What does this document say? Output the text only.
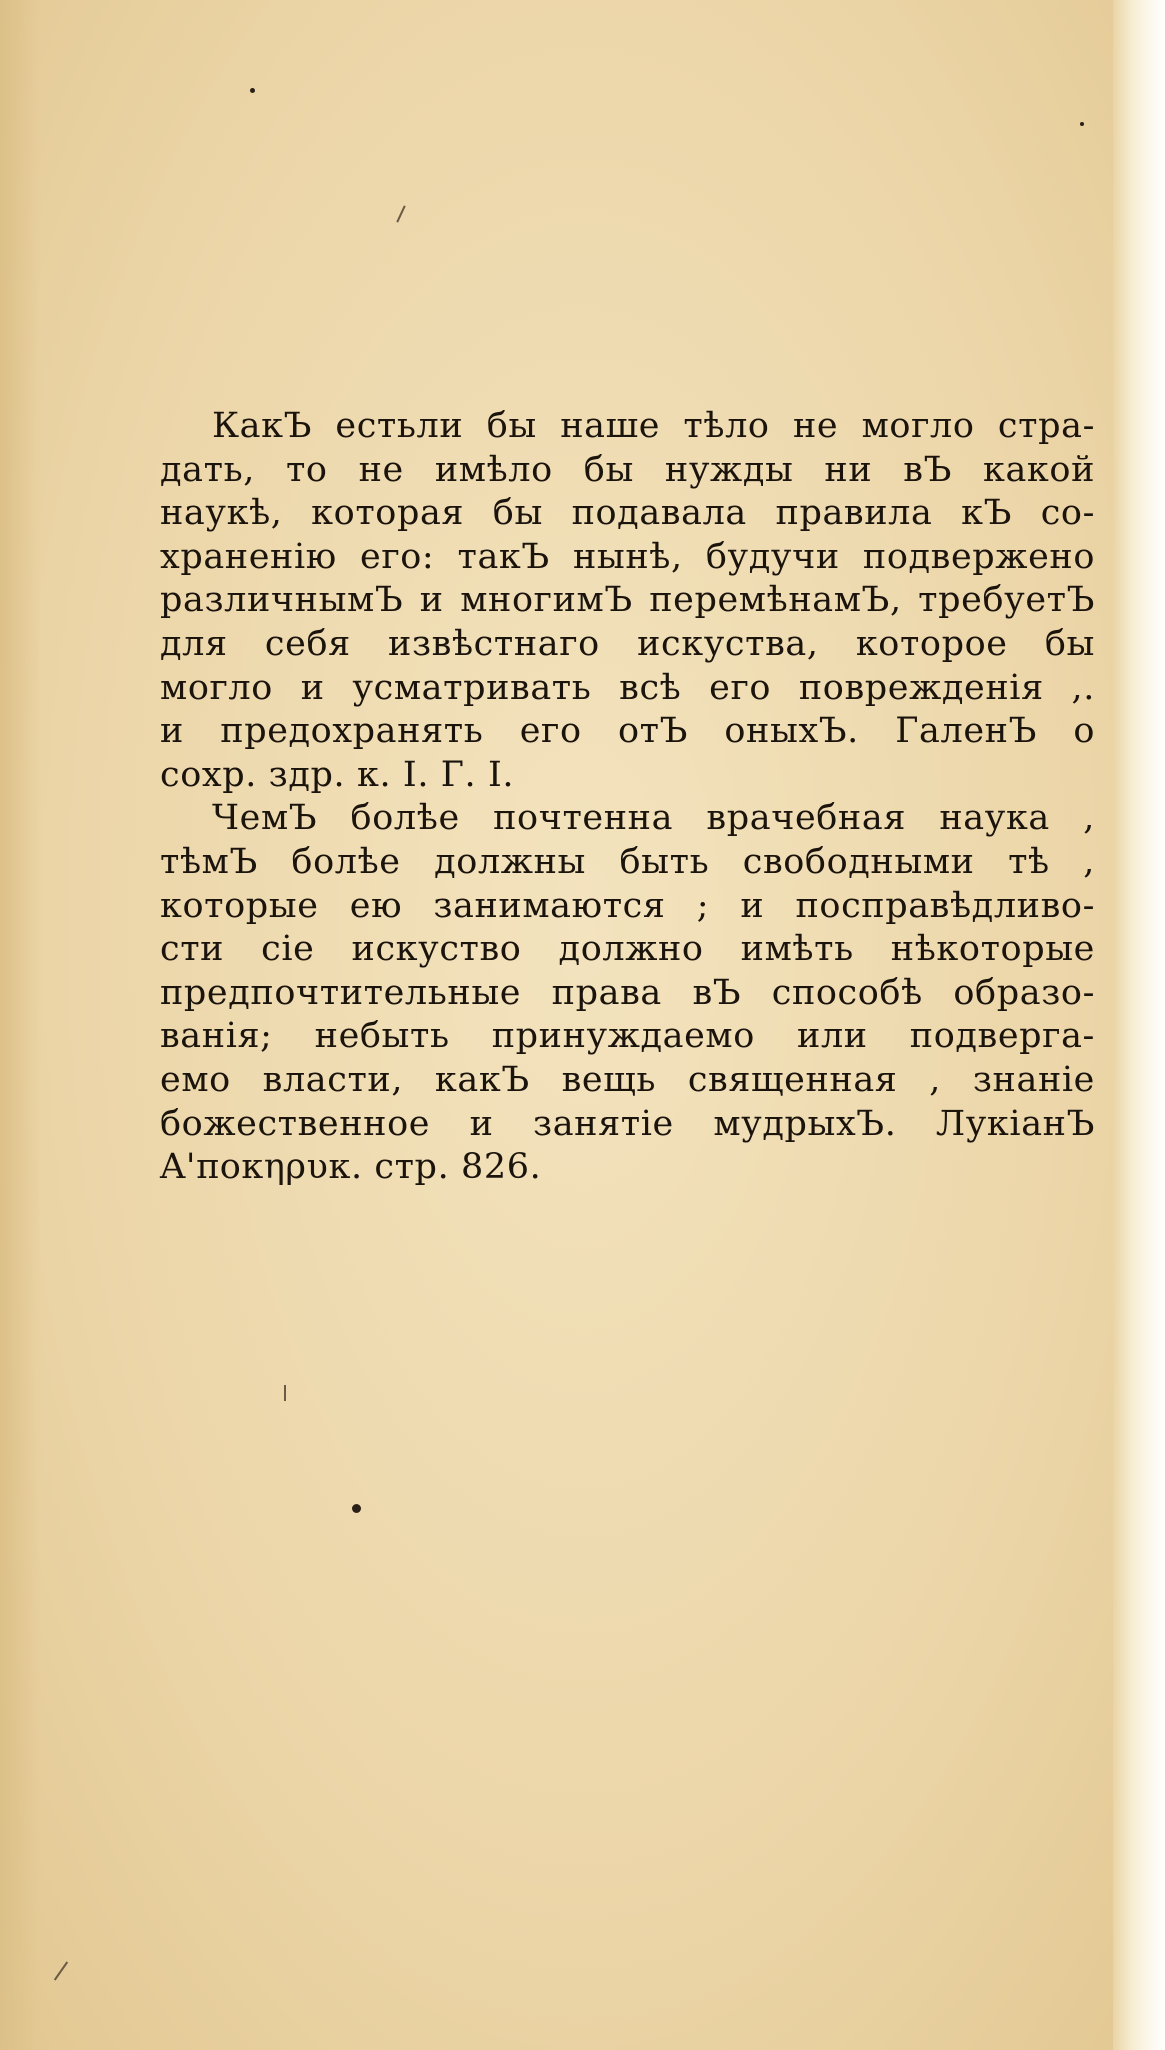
КакЪ естьли бы наше тѣло не могло стра-
дать, то не имѣло бы нужды ни вЪ какой
наукѣ, которая бы подавала правила кЪ со-
храненію его: такЪ нынѣ, будучи подвержено
различнымЪ и многимЪ перемѣнамЪ, требуетЪ
для себя извѣстнаго искуства, которое бы
могло и усматривать всѣ его поврежденія ,.
и предохранять его отЪ оныхЪ. ГаленЪ о
сохр. здр. к. I. Г. I.
ЧемЪ болѣе почтенна врачебная наука ,
тѣмЪ болѣе должны быть свободными тѣ ,
которые ею занимаются ; и посправѣдливо-
сти сіе искуство должно имѣть нѣкоторые
предпочтительные права вЪ способѣ образо-
ванія; небыть принуждаемо или подверга-
емо власти, какЪ вещь священная , знаніе
божественное и занятіе мудрыхЪ. ЛукіанЪ
Α'ποκηρυκ. стр. 826.
